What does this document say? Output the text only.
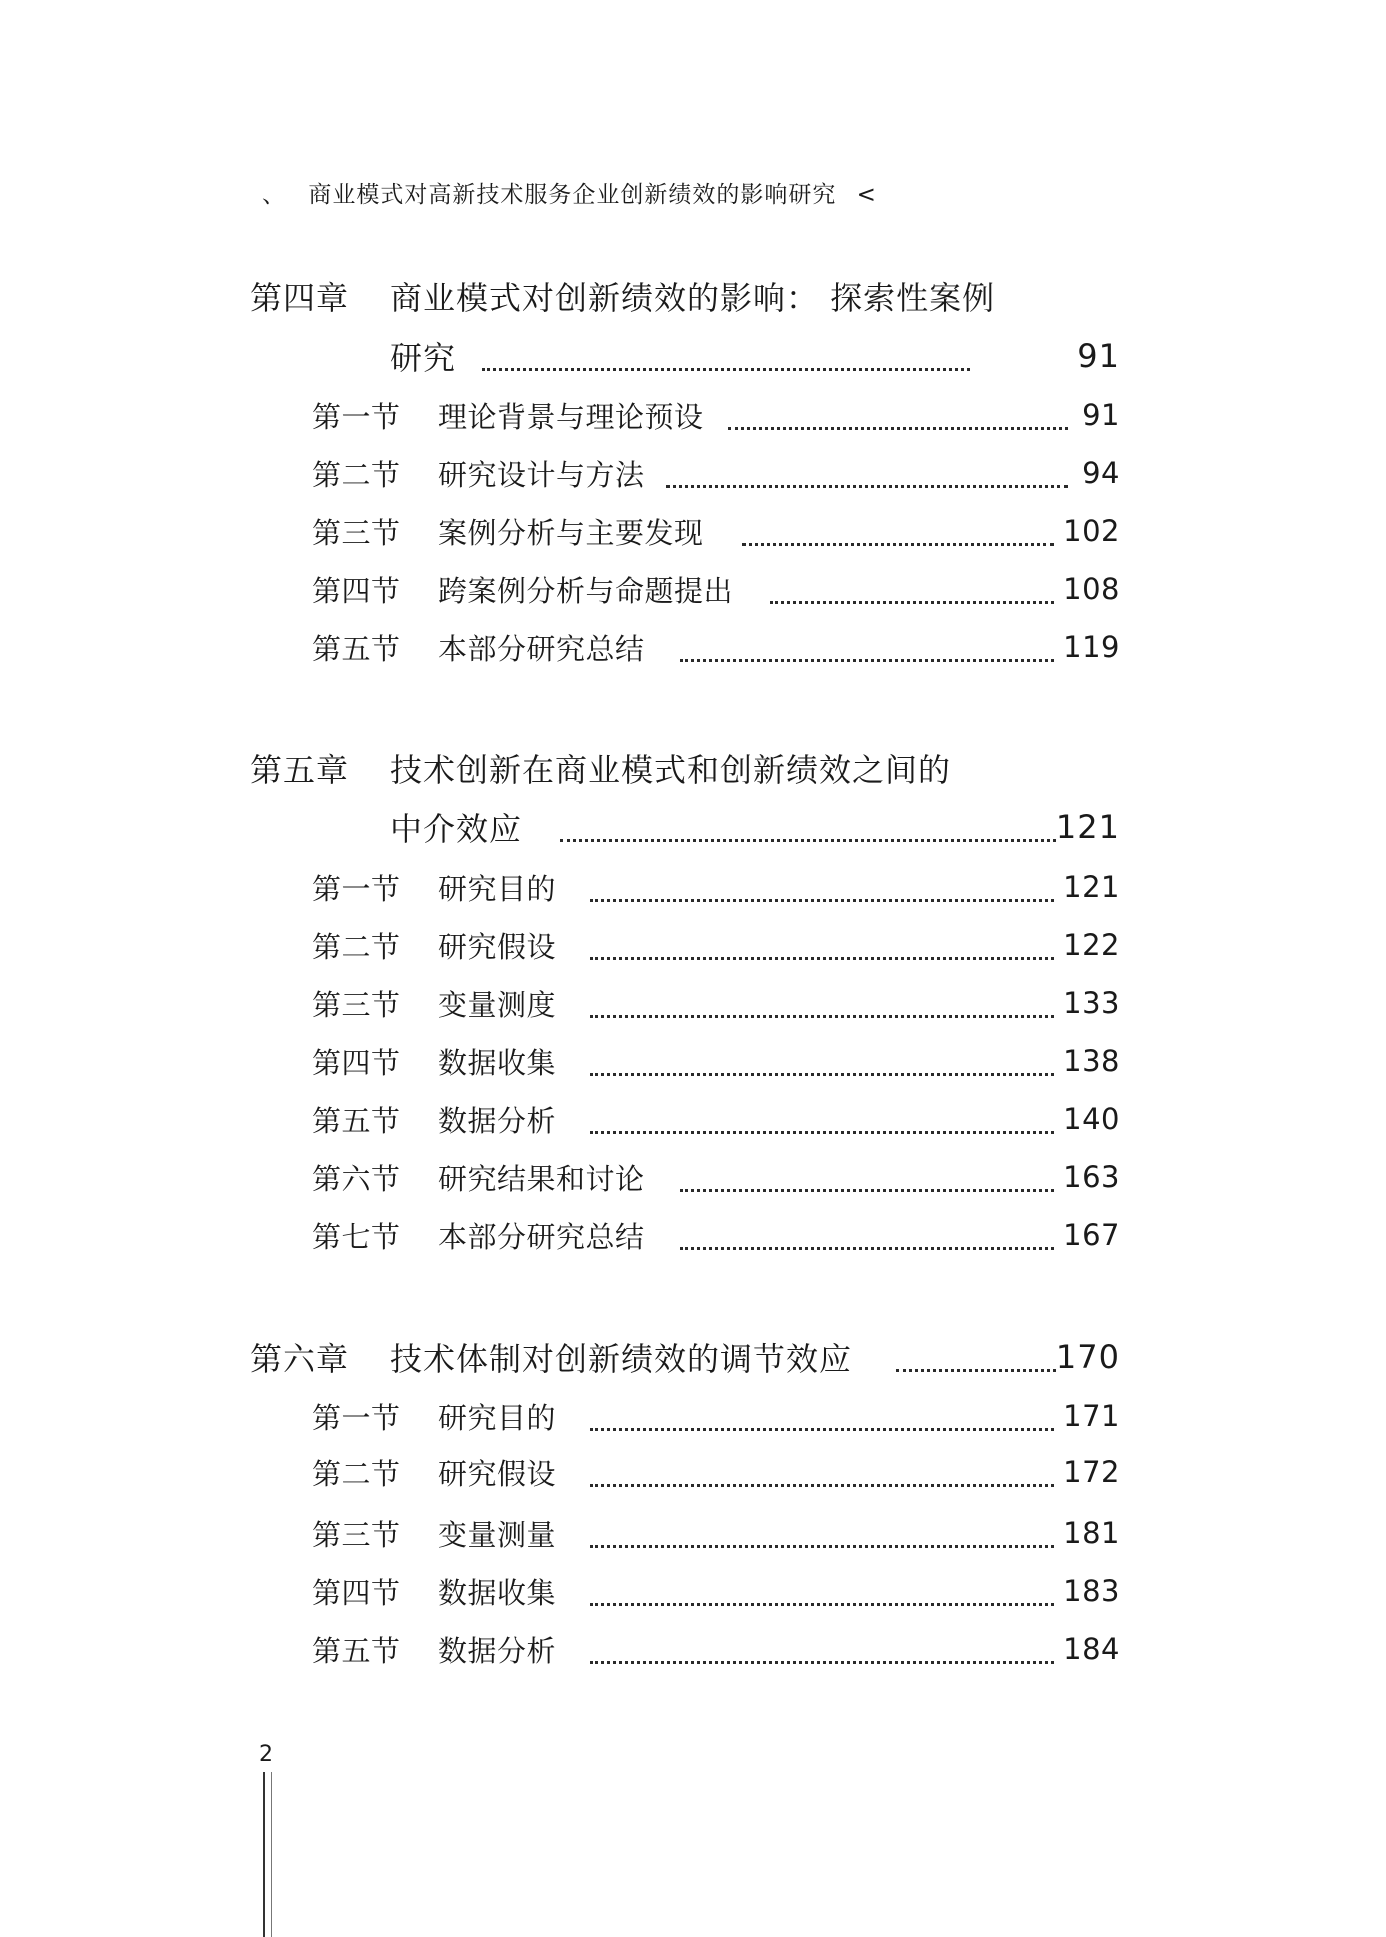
、 商业模式对高新技术服务企业创新绩效的影响研究 <
第四章	商业模式对创新绩效的影响： 探索性案例
研究	91
第一节	理论背景与理论预设	91
第二节	研究设计与方法	94
第三节	案例分析与主要发现	102
第四节	跨案例分析与命题提出	108
第五节	本部分研究总结	119
第五章	技术创新在商业模式和创新绩效之间的
中介效应	121
第一节	研究目的	121
第二节	研究假设	122
第三节	变量测度	133
第四节	数据收集	138
第五节	数据分析	140
第六节	研究结果和讨论	163
第七节	本部分研究总结	167
第六章	技术体制对创新绩效的调节效应	170
第一节	研究目的	171
第二节	研究假设	172
第三节	变量测量	181
第四节	数据收集	183
第五节	数据分析	184
2
